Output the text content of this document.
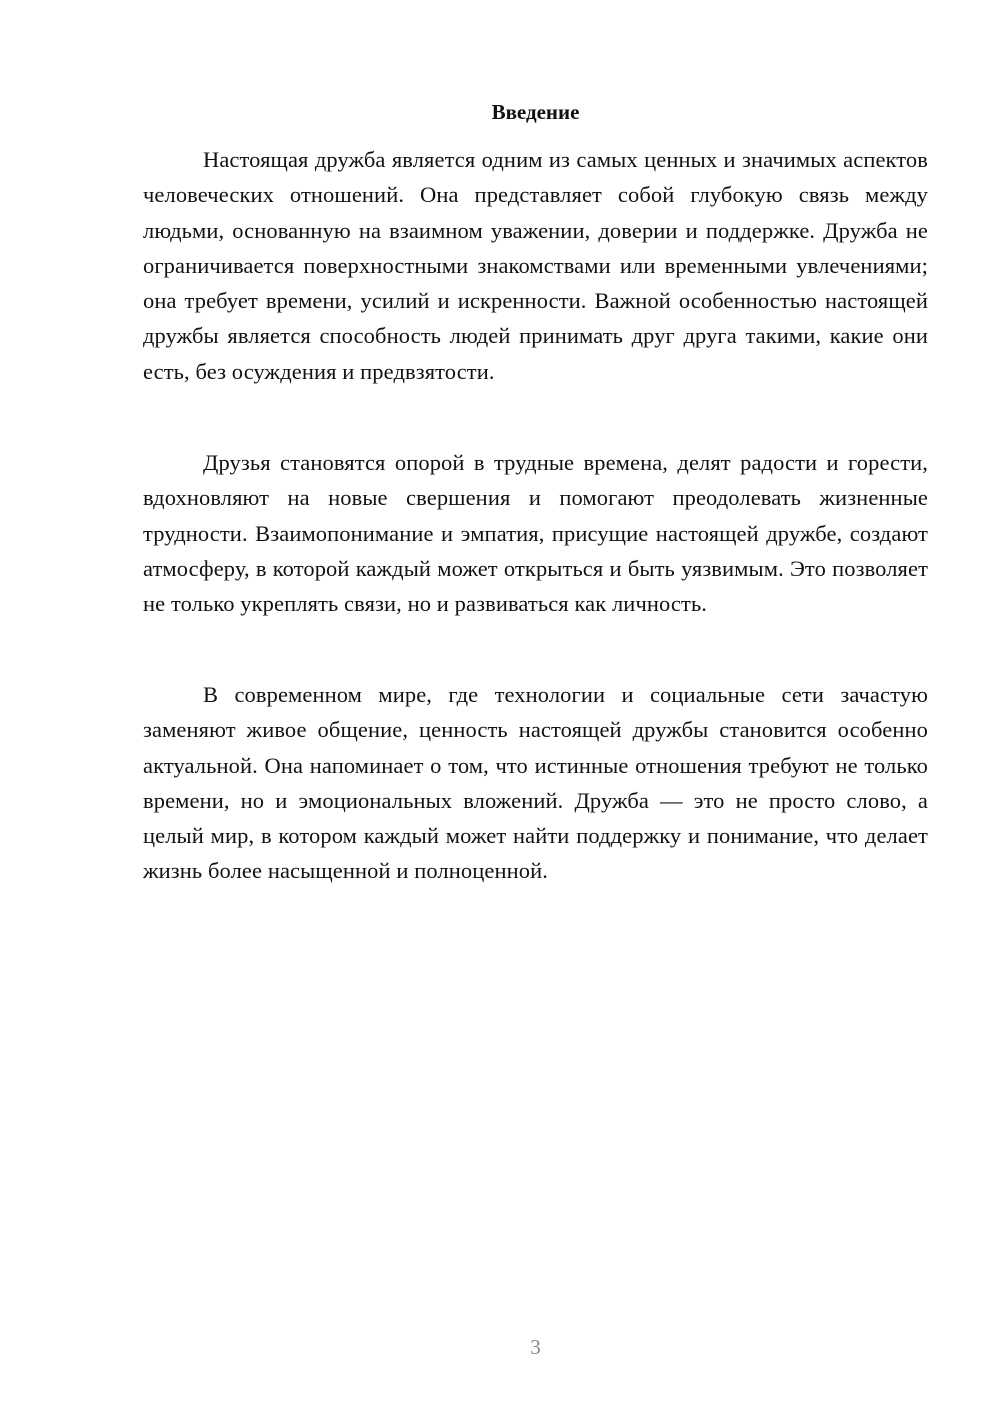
Введение

Настоящая дружба является одним из самых ценных и значимых аспектов человеческих отношений. Она представляет собой глубокую связь между людьми, основанную на взаимном уважении, доверии и поддержке. Дружба не ограничивается поверхностными знакомствами или временными увлечениями; она требует времени, усилий и искренности. Важной особенностью настоящей дружбы является способность людей принимать друг друга такими, какие они есть, без осуждения и предвзятости.

Друзья становятся опорой в трудные времена, делят радости и горести, вдохновляют на новые свершения и помогают преодолевать жизненные трудности. Взаимопонимание и эмпатия, присущие настоящей дружбе, создают атмосферу, в которой каждый может открыться и быть уязвимым. Это позволяет не только укреплять связи, но и развиваться как личность.

В современном мире, где технологии и социальные сети зачастую заменяют живое общение, ценность настоящей дружбы становится особенно актуальной. Она напоминает о том, что истинные отношения требуют не только времени, но и эмоциональных вложений. Дружба — это не просто слово, а целый мир, в котором каждый может найти поддержку и понимание, что делает жизнь более насыщенной и полноценной.

3
